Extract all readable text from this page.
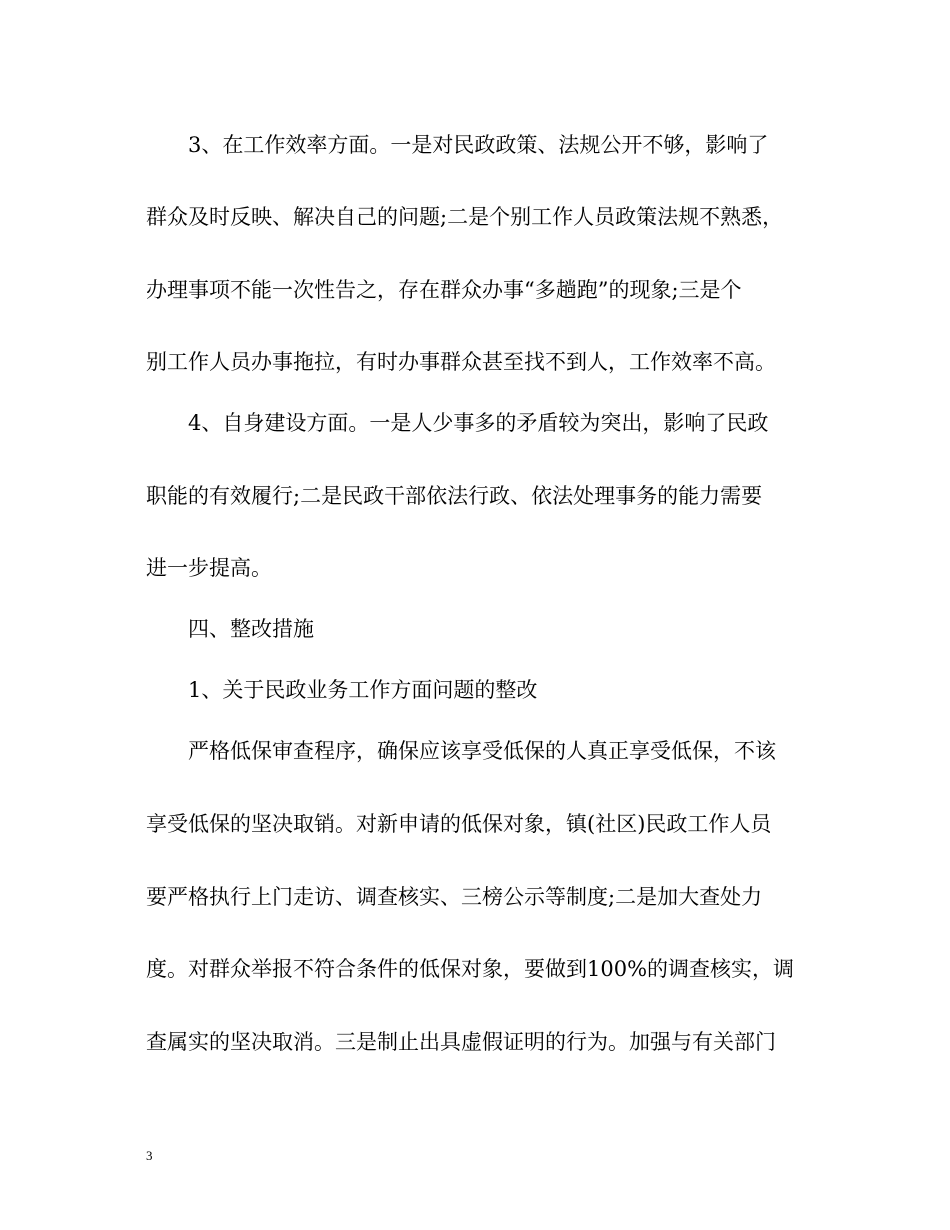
3、在工作效率方面。一是对民政政策、法规公开不够，影响了
群众及时反映、解决自己的问题;二是个别工作人员政策法规不熟悉，
办理事项不能一次性告之，存在群众办事“多趟跑”的现象;三是个
别工作人员办事拖拉，有时办事群众甚至找不到人，工作效率不高。
4、自身建设方面。一是人少事多的矛盾较为突出，影响了民政
职能的有效履行;二是民政干部依法行政、依法处理事务的能力需要
进一步提高。
四、整改措施
1、关于民政业务工作方面问题的整改
严格低保审查程序，确保应该享受低保的人真正享受低保，不该
享受低保的坚决取销。对新申请的低保对象，镇(社区)民政工作人员
要严格执行上门走访、调查核实、三榜公示等制度;二是加大查处力
度。对群众举报不符合条件的低保对象，要做到100%的调查核实，调
查属实的坚决取消。三是制止出具虚假证明的行为。加强与有关部门
3
